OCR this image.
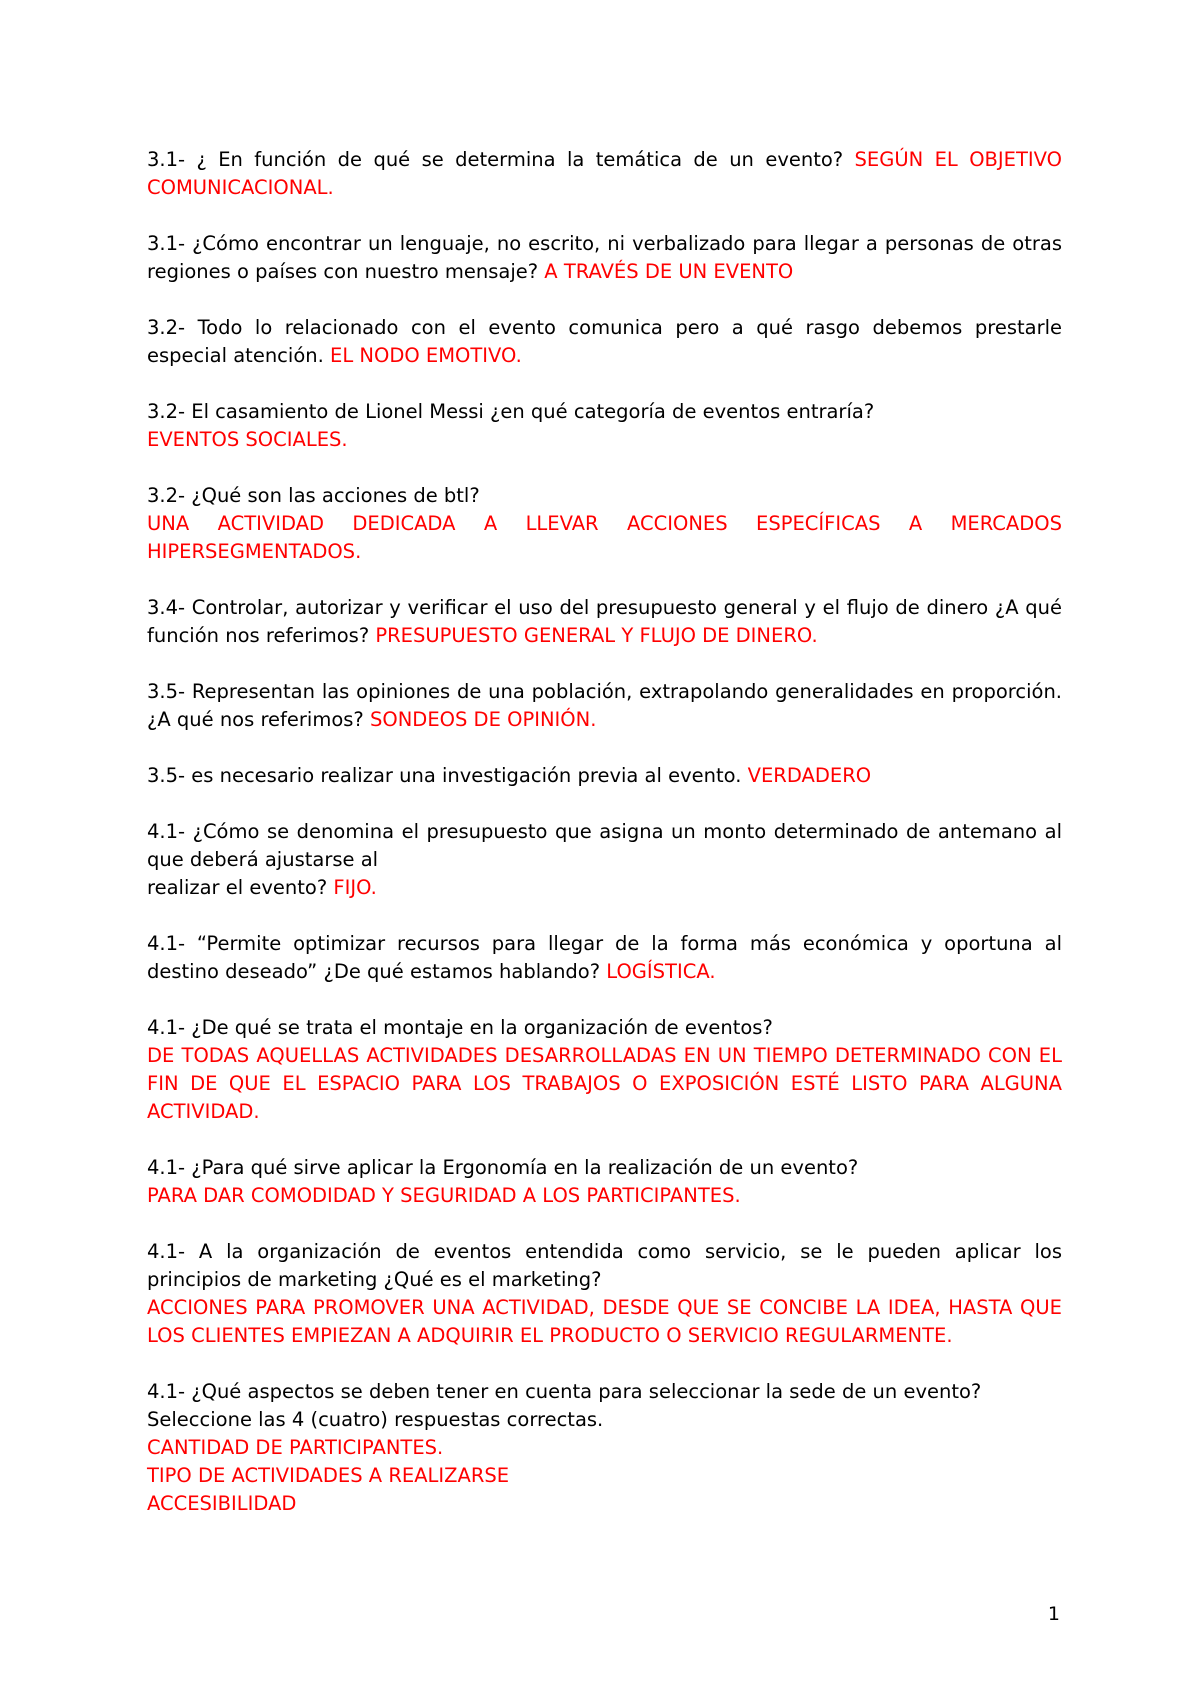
3.1- ¿ En función de qué se determina la temática de un evento? SEGÚN EL OBJETIVO COMUNICACIONAL.

3.1- ¿Cómo encontrar un lenguaje, no escrito, ni verbalizado para llegar a personas de otras regiones o países con nuestro mensaje? A TRAVÉS DE UN EVENTO

3.2- Todo lo relacionado con el evento comunica pero a qué rasgo debemos prestarle especial atención. EL NODO EMOTIVO.

3.2- El casamiento de Lionel Messi ¿en qué categoría de eventos entraría?

EVENTOS SOCIALES.

3.2- ¿Qué son las acciones de btl?

UNA ACTIVIDAD DEDICADA A LLEVAR ACCIONES ESPECÍFICAS A MERCADOS HIPERSEGMENTADOS.

3.4- Controlar, autorizar y verificar el uso del presupuesto general y el flujo de dinero ¿A qué función nos referimos? PRESUPUESTO GENERAL Y FLUJO DE DINERO.

3.5- Representan las opiniones de una población, extrapolando generalidades en proporción. ¿A qué nos referimos? SONDEOS DE OPINIÓN.

3.5- es necesario realizar una investigación previa al evento. VERDADERO

4.1- ¿Cómo se denomina el presupuesto que asigna un monto determinado de antemano al que deberá ajustarse al

realizar el evento? FIJO.

4.1- “Permite optimizar recursos para llegar de la forma más económica y oportuna al destino deseado” ¿De qué estamos hablando? LOGÍSTICA.

4.1- ¿De qué se trata el montaje en la organización de eventos?

DE TODAS AQUELLAS ACTIVIDADES DESARROLLADAS EN UN TIEMPO DETERMINADO CON EL FIN DE QUE EL ESPACIO PARA LOS TRABAJOS O EXPOSICIÓN ESTÉ LISTO PARA ALGUNA ACTIVIDAD.

4.1- ¿Para qué sirve aplicar la Ergonomía en la realización de un evento?

PARA DAR COMODIDAD Y SEGURIDAD A LOS PARTICIPANTES.

4.1- A la organización de eventos entendida como servicio, se le pueden aplicar los principios de marketing ¿Qué es el marketing?

ACCIONES PARA PROMOVER UNA ACTIVIDAD, DESDE QUE SE CONCIBE LA IDEA, HASTA QUE LOS CLIENTES EMPIEZAN A ADQUIRIR EL PRODUCTO O SERVICIO REGULARMENTE.

4.1- ¿Qué aspectos se deben tener en cuenta para seleccionar la sede de un evento?

Seleccione las 4 (cuatro) respuestas correctas.

CANTIDAD DE PARTICIPANTES.

TIPO DE ACTIVIDADES A REALIZARSE

ACCESIBILIDAD

1
